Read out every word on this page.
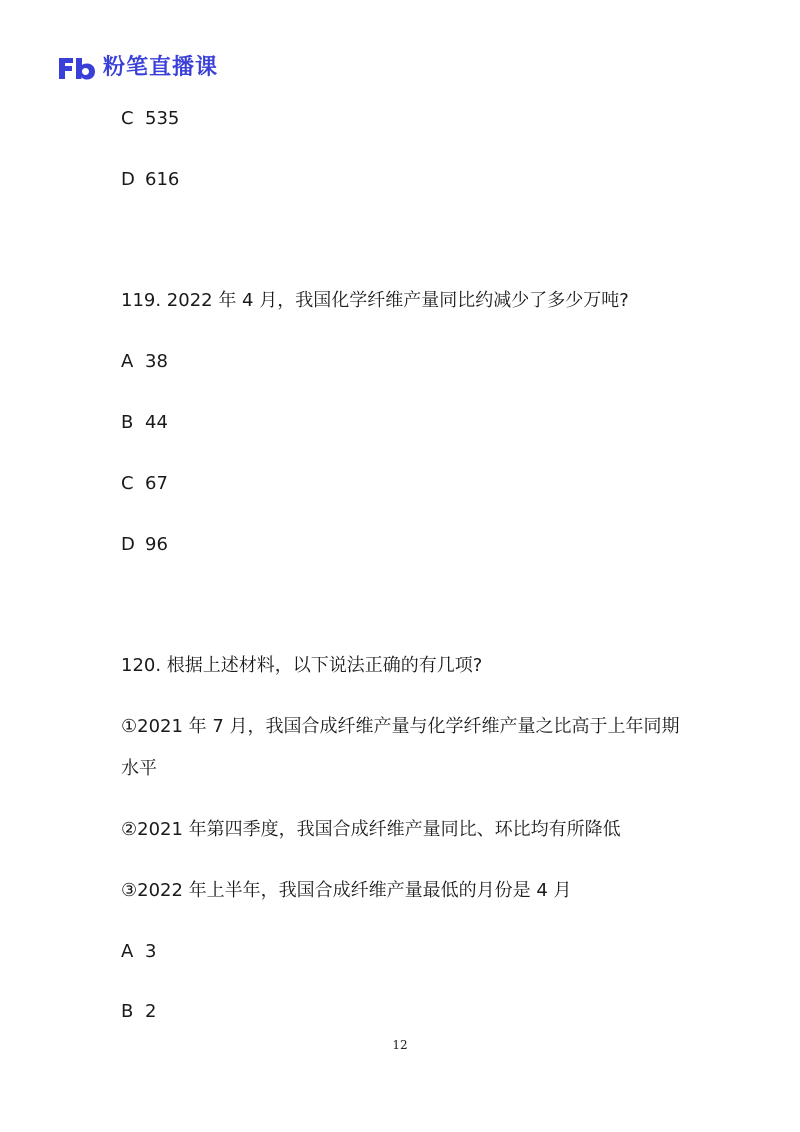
粉笔直播课
C 535
D 616
119. 2022 年 4 月，我国化学纤维产量同比约减少了多少万吨?
A 38
B 44
C 67
D 96
120. 根据上述材料，以下说法正确的有几项?
①2021 年 7 月，我国合成纤维产量与化学纤维产量之比高于上年同期
水平
②2021 年第四季度，我国合成纤维产量同比、环比均有所降低
③2022 年上半年，我国合成纤维产量最低的月份是 4 月
A 3
B 2
12
